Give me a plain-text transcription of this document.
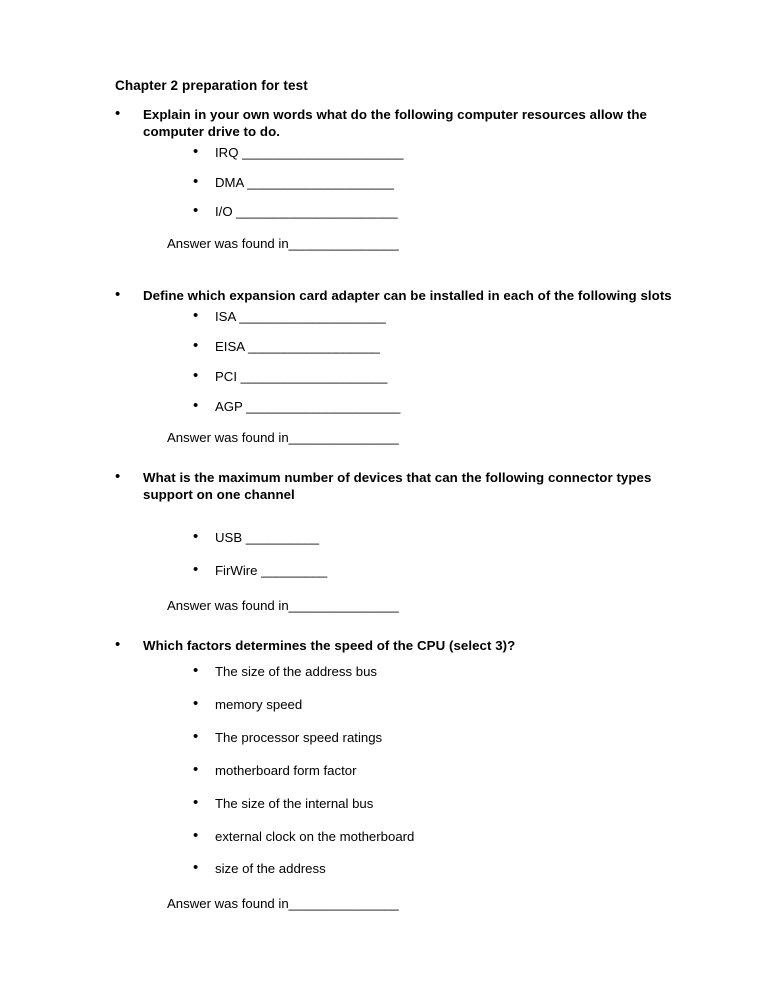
Chapter 2 preparation for test

• Explain in your own words what do the following computer resources allow the computer drive to do.

• IRQ ______________________
• DMA ____________________
• I/O ______________________

Answer was found in_______________

• Define which expansion card adapter can be installed in each of the following slots

• ISA ____________________
• EISA __________________
• PCI ____________________
• AGP _____________________

Answer was found in_______________

• What is the maximum number of devices that can the following connector types support on one channel

• USB __________
• FirWire _________

Answer was found in_______________

• Which factors determines the speed of the CPU (select 3)?

• The size of the address bus
• memory speed
• The processor speed ratings
• motherboard form factor
• The size of the internal bus
• external clock on the motherboard
• size of the address

Answer was found in_______________
